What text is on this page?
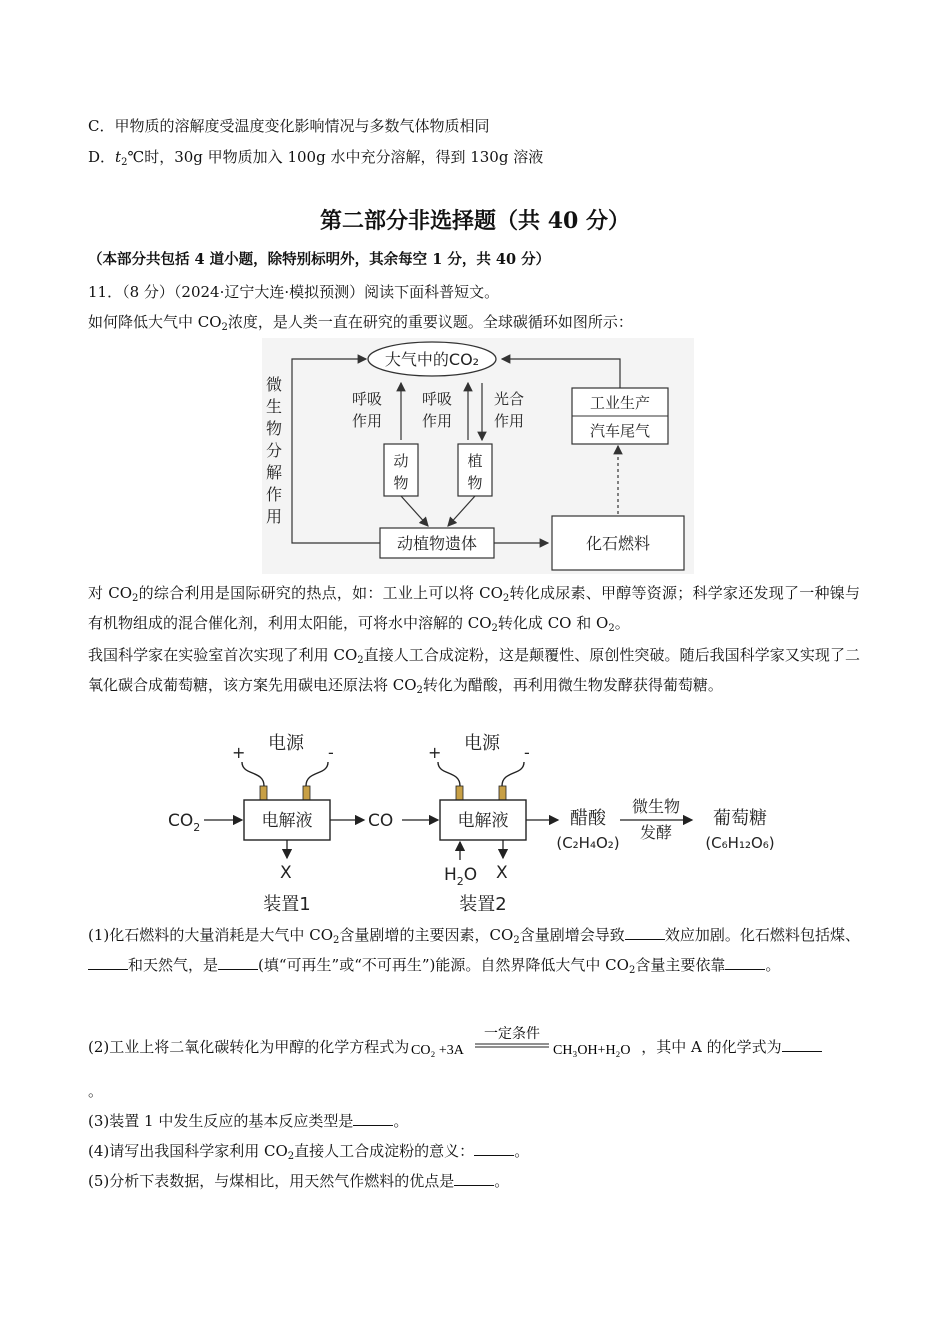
C．甲物质的溶解度受温度变化影响情况与多数气体物质相同
D．$t_2℃$时，30g 甲物质加入 100g 水中充分溶解，得到 130g 溶液
第二部分非选择题（共 40 分）
（本部分共包括 4 道小题，除特别标明外，其余每空 1 分，共 40 分）
11．（8 分）（2024·辽宁大连·模拟预测）阅读下面科普短文。
如何降低大气中 $CO_2$浓度，是人类一直在研究的重要议题。全球碳循环如图所示：
大气中的CO₂
微
生
物
分
解
作
用
呼吸
作用
呼吸
作用
光合
作用
动
物
植
物
动植物遗体	化石燃料
工业生产
汽车尾气
对 $CO_2$的综合利用是国际研究的热点，如：工业上可以将 $CO_2$转化成尿素、甲醇等资源；科学家还发现了一种镍与有机物组成的混合催化剂，利用太阳能，可将水中溶解的 $CO_2$转化成 CO 和 $O_2$。
我国科学家在实验室首次实现了利用 $CO_2$直接人工合成淀粉，这是颠覆性、原创性突破。随后我国科学家又实现了二氧化碳合成葡萄糖，该方案先用碳电还原法将 $CO_2$转化为醋酸，再利用微生物发酵获得葡萄糖。
电源
+	-
电解液
$CO_2$
X
装置1
CO
电源
+	-
电解液
$H_2O$ X
装置2
醋酸
(C₂H₄O₂)
微生物
发酵
葡萄糖
(C₆H₁₂O₆)
(1)化石燃料的大量消耗是大气中 $CO_2$含量剧增的主要因素，$CO_2$含量剧增会导致	效应加剧。化石燃料包括煤、和天然气，是	(填“可再生”或“不可再生”)能源。自然界降低大气中 $CO_2$含量主要依靠	。
(2)工业上将二氧化碳转化为甲醇的化学方程式为 CO₂ +3A
一定条件
CH₃OH+H₂O ，其中 A 的化学式为
。
(3)装置 1 中发生反应的基本反应类型是	。
(4)请写出我国科学家利用 $CO_2$直接人工合成淀粉的意义：	。
(5)分析下表数据，与煤相比，用天然气作燃料的优点是	。
